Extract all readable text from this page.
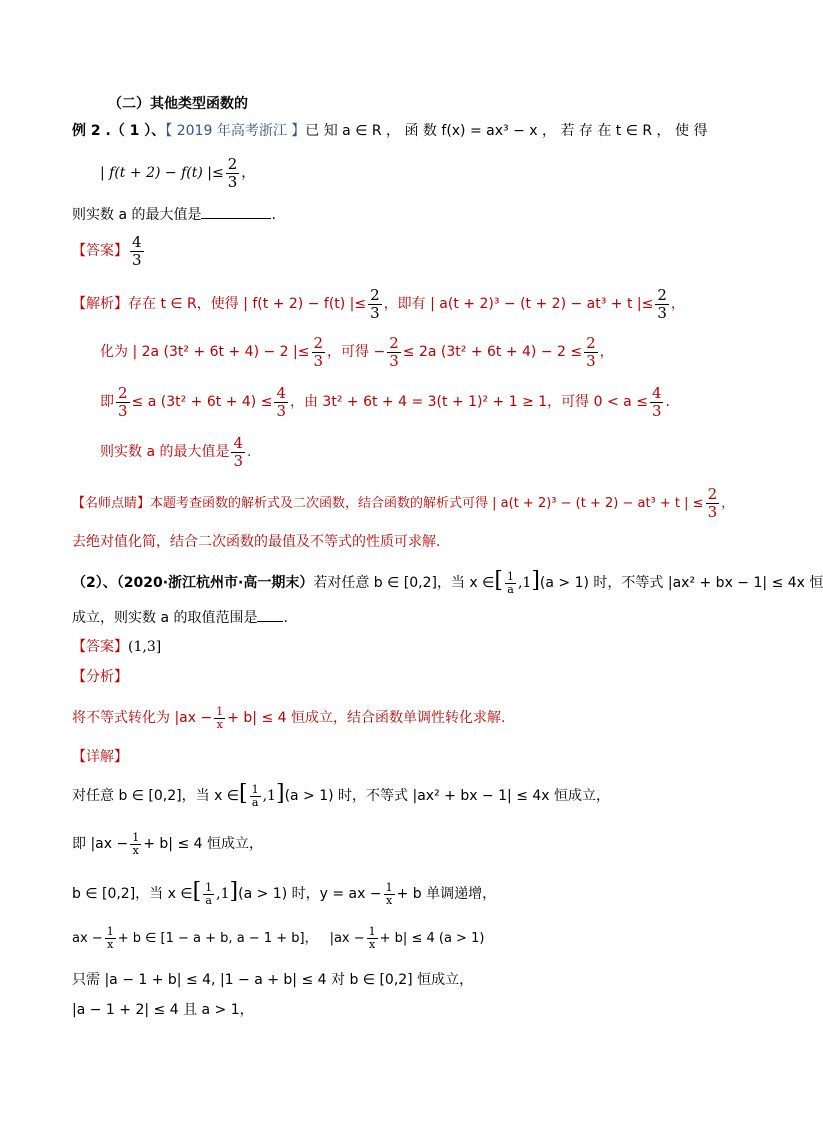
（二）其他类型函数的
例 2 .（ 1 ）、【 2019 年高考浙江 】已 知 a ∈ R ， 函 数 f(x) = ax³ − x ， 若 存 在 t ∈ R ， 使 得
| f(t + 2) − f(t) |≤ $\frac{2}{3}$ ，
则实数 a 的最大值是	.
【答案】 $\frac{4}{3}$
【解析】存在 t ∈ R，使得 | f(t + 2) − f(t) |≤ $\frac{2}{3}$ ，即有 | a(t + 2)³ − (t + 2) − at³ + t |≤ $\frac{2}{3}$ ，
化为 | 2a (3t² + 6t + 4) − 2 |≤ $\frac{2}{3}$ ，可得 − $\frac{2}{3} \le 2a$ $(3t^2 + 6t + 4) - 2 \le \frac{2}{3}$ ，
即 $\frac{2}{3} \le a$ $(3t^2 + 6t + 4) \le \frac{4}{3}$ ，由 3t² + 6t + 4 = 3(t + 1)² + 1 ≥ 1，可得 $0 < a \le \frac{4}{3}$ .
则实数 a 的最大值是 $\frac{4}{3}$ .
【名师点睛】本题考查函数的解析式及二次函数，结合函数的解析式可得 | a(t + 2)³ − (t + 2) − at³ + t | ≤ $\frac{2}{3}$ ，
去绝对值化简，结合二次函数的最值及不等式的性质可求解.
（2）、（2020·浙江杭州市·高一期末）若对任意 b ∈ [0,2]，当 x ∈[ $\frac{1}{a} ,1](a > 1)$ 时，不等式 |ax² + bx − 1| ≤ 4x 恒
成立，则实数 a 的取值范围是 .
【答案】(1,3]
【分析】
将不等式转化为 $|ax - \frac{1}{x} + b| \le 4$ 恒成立，结合函数单调性转化求解.
【详解】
对任意 b ∈ [0,2]，当 x ∈[ $\frac{1}{a} ,1](a > 1)$ 时，不等式 |ax² + bx − 1| ≤ 4x 恒成立，
即 $|ax - \frac{1}{x} + b| \le 4$ 恒成立，
b ∈ [0,2]，当 x ∈[ $\frac{1}{a} ,1](a > 1)$ 时，y = ax − $\frac{1}{x} + b$ 单调递增，
ax − $\frac{1}{x} + b$ ∈ [1 − a + b, a − 1 + b]， $|ax - \frac{1}{x} + b| \le 4$ (a > 1)
只需 |a − 1 + b| ≤ 4, |1 − a + b| ≤ 4 对 b ∈ [0,2] 恒成立，
|a − 1 + 2| ≤ 4 且 a > 1，
